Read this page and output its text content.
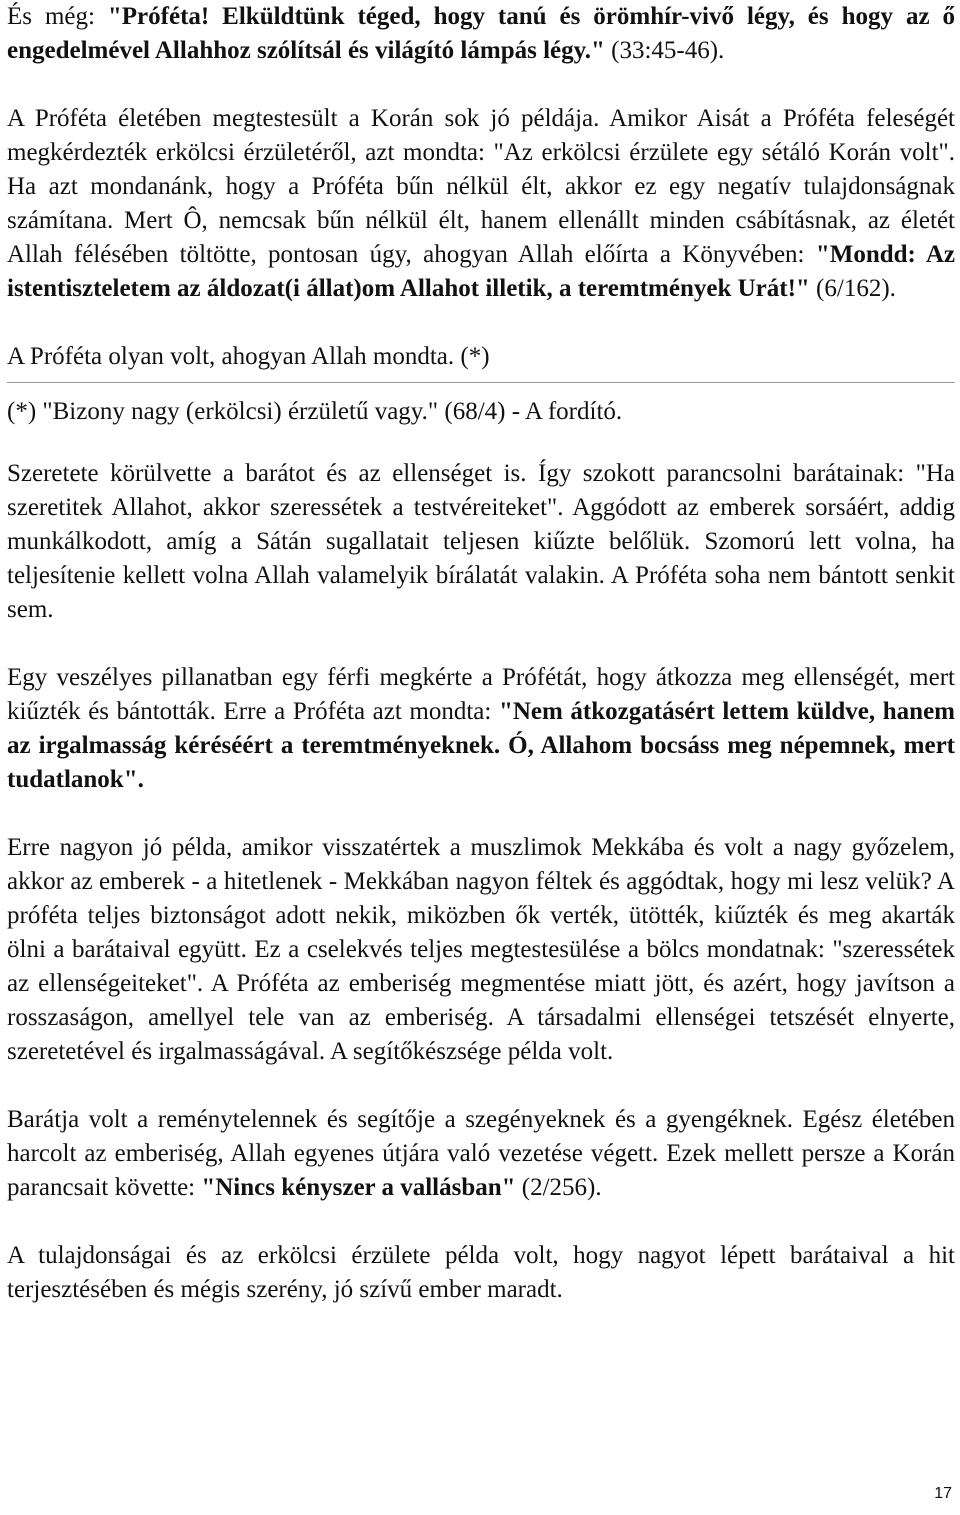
És még: "Próféta! Elküldtünk téged, hogy tanú és örömhír-vivő légy, és hogy az ő engedelmével Allahhoz szólítsál és világító lámpás légy." (33:45-46).

A Próféta életében megtestesült a Korán sok jó példája. Amikor Aisát a Próféta feleségét megkérdezték erkölcsi érzületéről, azt mondta: "Az erkölcsi érzülete egy sétáló Korán volt". Ha azt mondanánk, hogy a Próféta bűn nélkül élt, akkor ez egy negatív tulajdonságnak számítana. Mert Ô, nemcsak bűn nélkül élt, hanem ellenállt minden csábításnak, az életét Allah félésében töltötte, pontosan úgy, ahogyan Allah előírta a Könyvében: "Mondd: Az istentiszteletem az áldozat(i állat)om Allahot illetik, a teremtmények Urát!" (6/162).

A Próféta olyan volt, ahogyan Allah mondta. (*)

(*) "Bizony nagy (erkölcsi) érzületű vagy." (68/4) - A fordító.

Szeretete körülvette a barátot és az ellenséget is. Így szokott parancsolni barátainak: "Ha szeretitek Allahot, akkor szeressétek a testvéreiteket". Aggódott az emberek sorsáért, addig munkálkodott, amíg a Sátán sugallatait teljesen kiűzte belőlük. Szomorú lett volna, ha teljesítenie kellett volna Allah valamelyik bírálatát valakin. A Próféta soha nem bántott senkit sem.

Egy veszélyes pillanatban egy férfi megkérte a Prófétát, hogy átkozza meg ellenségét, mert kiűzték és bántották. Erre a Próféta azt mondta: "Nem átkozgatásért lettem küldve, hanem az irgalmasság kéréséért a teremtményeknek. Ó, Allahom bocsáss meg népemnek, mert tudatlanok".

Erre nagyon jó példa, amikor visszatértek a muszlimok Mekkába és volt a nagy győzelem, akkor az emberek - a hitetlenek - Mekkában nagyon féltek és aggódtak, hogy mi lesz velük? A próféta teljes biztonságot adott nekik, miközben ők verték, ütötték, kiűzték és meg akarták ölni a barátaival együtt. Ez a cselekvés teljes megtestesülése a bölcs mondatnak: "szeressétek az ellenségeiteket". A Próféta az emberiség megmentése miatt jött, és azért, hogy javítson a rosszaságon, amellyel tele van az emberiség. A társadalmi ellenségei tetszését elnyerte, szeretetével és irgalmasságával. A segítőkészsége példa volt.

Barátja volt a reménytelennek és segítője a szegényeknek és a gyengéknek. Egész életében harcolt az emberiség, Allah egyenes útjára való vezetése végett. Ezek mellett persze a Korán parancsait követte: "Nincs kényszer a vallásban" (2/256).

A tulajdonságai és az erkölcsi érzülete példa volt, hogy nagyot lépett barátaival a hit terjesztésében és mégis szerény, jó szívű ember maradt.

17
